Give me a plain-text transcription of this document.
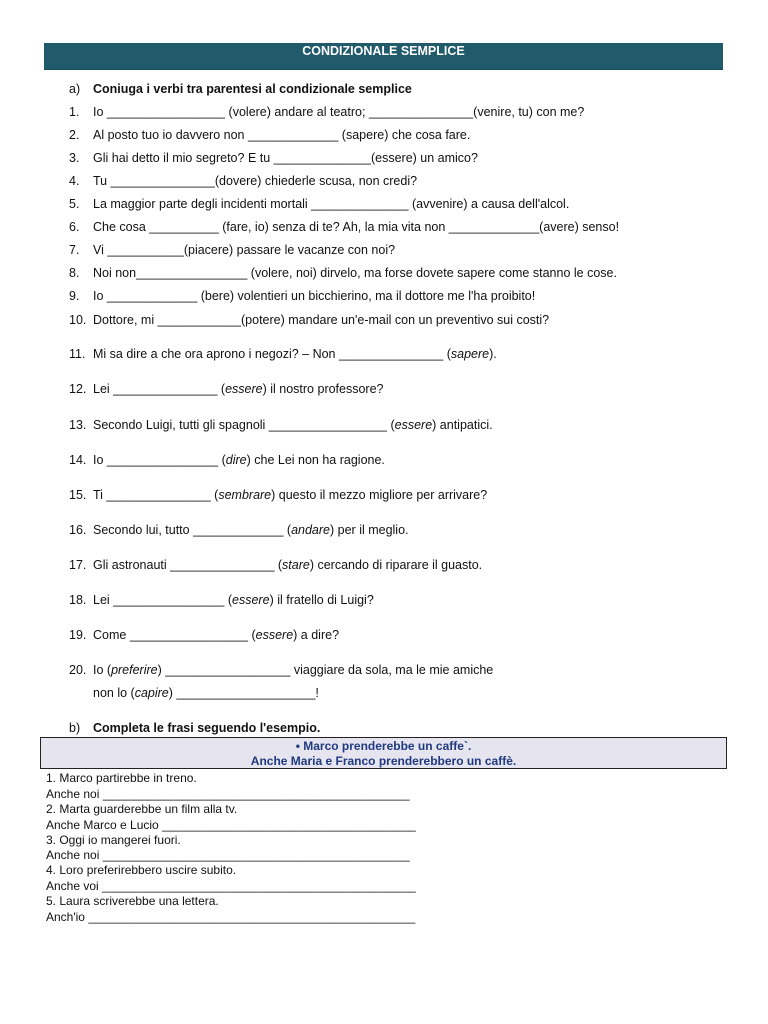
CONDIZIONALE SEMPLICE
a) Coniuga i verbi tra parentesi al condizionale semplice
1. Io _________________ (volere) andare al teatro; _______________(venire, tu) con me?
2. Al posto tuo io davvero non _____________ (sapere) che cosa fare.
3. Gli hai detto il mio segreto? E tu ______________(essere) un amico?
4. Tu _______________(dovere) chiederle scusa, non credi?
5. La maggior parte degli incidenti mortali ______________ (avvenire) a causa dell'alcol.
6. Che cosa __________ (fare, io) senza di te? Ah, la mia vita non _____________(avere) senso!
7. Vi ___________(piacere) passare le vacanze con noi?
8. Noi non________________ (volere, noi) dirvelo, ma forse dovete sapere come stanno le cose.
9. Io _____________ (bere) volentieri un bicchierino, ma il dottore me l'ha proibito!
10. Dottore, mi ____________(potere) mandare un'e-mail con un preventivo sui costi?
11. Mi sa dire a che ora aprono i negozi? – Non _______________ (sapere).
12. Lei _______________ (essere) il nostro professore?
13. Secondo Luigi, tutti gli spagnoli _________________ (essere) antipatici.
14. Io ________________ (dire) che Lei non ha ragione.
15. Ti _______________ (sembrare) questo il mezzo migliore per arrivare?
16. Secondo lui, tutto _____________ (andare) per il meglio.
17. Gli astronauti _______________ (stare) cercando di riparare il guasto.
18. Lei ________________ (essere) il fratello di Luigi?
19. Come _________________ (essere) a dire?
20. Io (preferire) __________________ viaggiare da sola, ma le mie amiche
non lo (capire) ____________________!
b) Completa le frasi seguendo l'esempio.
• Marco prenderebbe un caffe`.
Anche Maria e Franco prenderebbero un caffè.
1. Marco partirebbe in treno.
Anche noi ______________________________________________
2. Marta guarderebbe un film alla tv.
Anche Marco e Lucio ______________________________________
3. Oggi io mangerei fuori.
Anche noi ______________________________________________
4. Loro preferirebbero uscire subito.
Anche voi _______________________________________________
5. Laura scriverebbe una lettera.
Anch'io _________________________________________________
